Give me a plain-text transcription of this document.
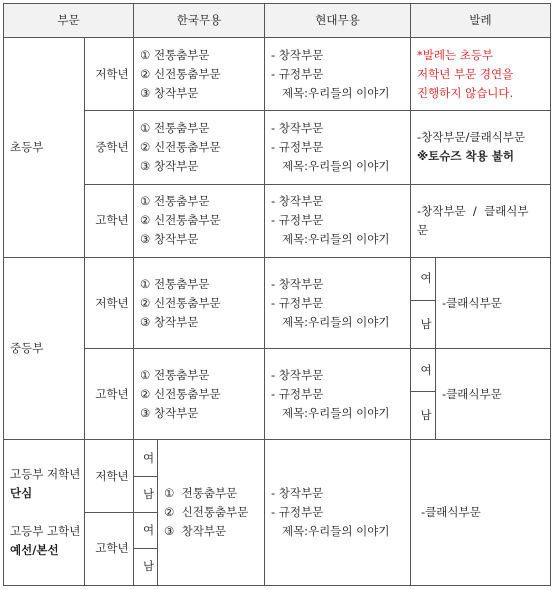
부문		한국무용		현대무용	발레	
초등부	저학년	① 전통춤부문
② 신전통춤부문
③ 창작부문		- 창작부문
- 규정부문
제목:우리들의 이야기	*발레는 초등부
저학년 부문 경연을
진행하지 않습니다.	

	중학년	① 전통춤부문
② 신전통춤부문
③ 창작부문		- 창작부문
- 규정부문
제목:우리들의 이야기	-창작부문/클래식부문
※토슈즈 착용 불허	

	고학년	① 전통춤부문
② 신전통춤부문
③ 창작부문		- 창작부문
- 규정부문
제목:우리들의 이야기	-창작부문  /  클래식부
문	

중등부	저학년	① 전통춤부문
② 신전통춤부문
③ 창작부문		- 창작부문
- 규정부문
제목:우리들의 이야기	여	-클래식부문
					남	
	고학년	① 전통춤부문
② 신전통춤부문
③ 창작부문		- 창작부문
- 규정부문
제목:우리들의 이야기	여	-클래식부문
					남	

고등부 저학년
단심
고등부 고학년
예선/본선	저학년	여	①  전통춤부문
②  신전통춤부문
③  창작부문	- 창작부문
- 규정부문
제목:우리들의 이야기	-클래식부문	
		남				
	고학년	여				
		남				
